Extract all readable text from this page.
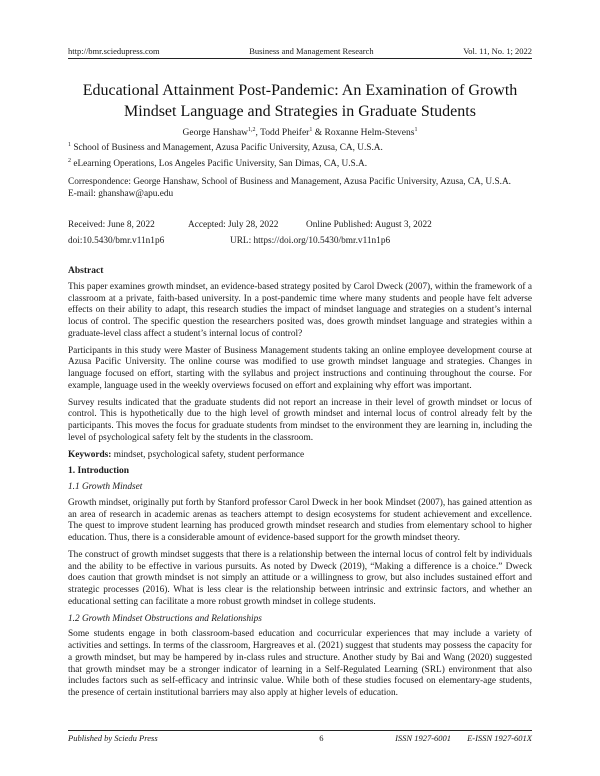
http://bmr.sciedupress.com	Business and Management Research	Vol. 11, No. 1; 2022
Educational Attainment Post-Pandemic: An Examination of Growth Mindset Language and Strategies in Graduate Students
George Hanshaw$^{1,2}$, Todd Pheifer$^1$ & Roxanne Helm-Stevens$^1$
$^1$ School of Business and Management, Azusa Pacific University, Azusa, CA, U.S.A.
$^2$ eLearning Operations, Los Angeles Pacific University, San Dimas, CA, U.S.A.
Correspondence: George Hanshaw, School of Business and Management, Azusa Pacific University, Azusa, CA, U.S.A.
E-mail: ghanshaw@apu.edu
Received: June 8, 2022	Accepted: July 28, 2022	Online Published: August 3, 2022
doi:10.5430/bmr.v11n1p6	URL: https://doi.org/10.5430/bmr.v11n1p6
Abstract

This paper examines growth mindset, an evidence-based strategy posited by Carol Dweck (2007), within the framework of a classroom at a private, faith-based university. In a post-pandemic time where many students and people have felt adverse effects on their ability to adapt, this research studies the impact of mindset language and strategies on a student’s internal locus of control. The specific question the researchers posited was, does growth mindset language and strategies within a graduate-level class affect a student’s internal locus of control?

Participants in this study were Master of Business Management students taking an online employee development course at Azusa Pacific University. The online course was modified to use growth mindset language and strategies. Changes in language focused on effort, starting with the syllabus and project instructions and continuing throughout the course. For example, language used in the weekly overviews focused on effort and explaining why effort was important.

Survey results indicated that the graduate students did not report an increase in their level of growth mindset or locus of control. This is hypothetically due to the high level of growth mindset and internal locus of control already felt by the participants. This moves the focus for graduate students from mindset to the environment they are learning in, including the level of psychological safety felt by the students in the classroom.

Keywords: mindset, psychological safety, student performance

1. Introduction
1.1 Growth Mindset

Growth mindset, originally put forth by Stanford professor Carol Dweck in her book Mindset (2007), has gained attention as an area of research in academic arenas as teachers attempt to design ecosystems for student achievement and excellence. The quest to improve student learning has produced growth mindset research and studies from elementary school to higher education. Thus, there is a considerable amount of evidence-based support for the growth mindset theory.

The construct of growth mindset suggests that there is a relationship between the internal locus of control felt by individuals and the ability to be effective in various pursuits. As noted by Dweck (2019), “Making a difference is a choice.” Dweck does caution that growth mindset is not simply an attitude or a willingness to grow, but also includes sustained effort and strategic processes (2016). What is less clear is the relationship between intrinsic and extrinsic factors, and whether an educational setting can facilitate a more robust growth mindset in college students.

1.2 Growth Mindset Obstructions and Relationships

Some students engage in both classroom-based education and cocurricular experiences that may include a variety of activities and settings. In terms of the classroom, Hargreaves et al. (2021) suggest that students may possess the capacity for a growth mindset, but may be hampered by in-class rules and structure. Another study by Bai and Wang (2020) suggested that growth mindset may be a stronger indicator of learning in a Self-Regulated Learning (SRL) environment that also includes factors such as self-efficacy and intrinsic value. While both of these studies focused on elementary-age students, the presence of certain institutional barriers may also apply at higher levels of education.

Published by Sciedu Press	6	ISSN 1927-6001 E-ISSN 1927-601X
